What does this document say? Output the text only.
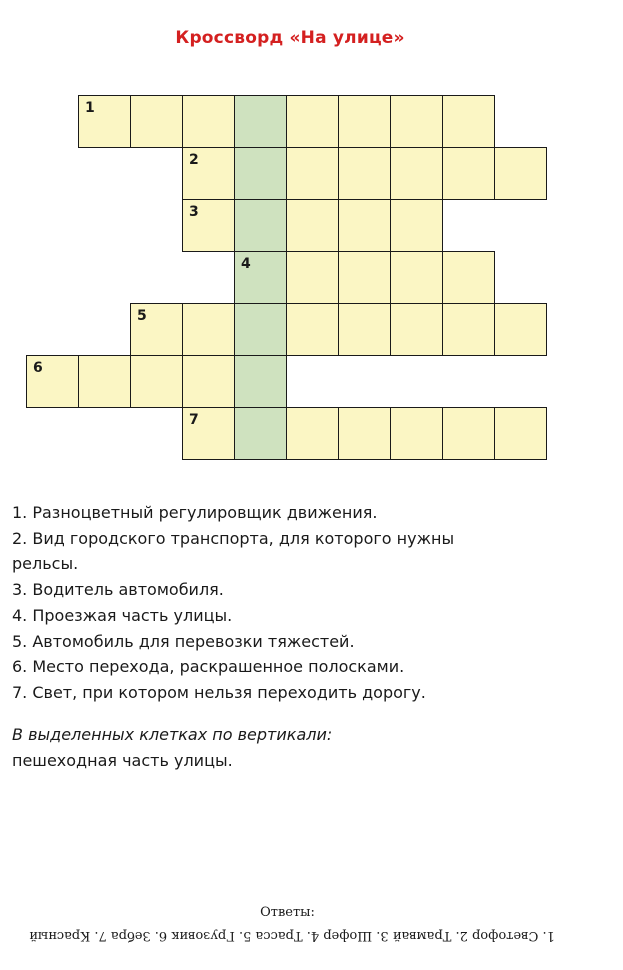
Кроссворд «На улице»
1
2
3
4
5
6
7

1. Разноцветный регулировщик движения.

2. Вид городского транспорта, для которого нужны

рельсы.

3. Водитель автомобиля.

4. Проезжая часть улицы.

5. Автомобиль для перевозки тяжестей.

6. Место перехода, раскрашенное полосками.

7. Свет, при котором нельзя переходить дорогу.

В выделенных клетках по вертикали:
пешеходная часть улицы.
Ответы:
1. Светофор 2. Трамвай 3. Шофер 4. Трасса 5. Грузовик 6. Зебра 7. Красный
